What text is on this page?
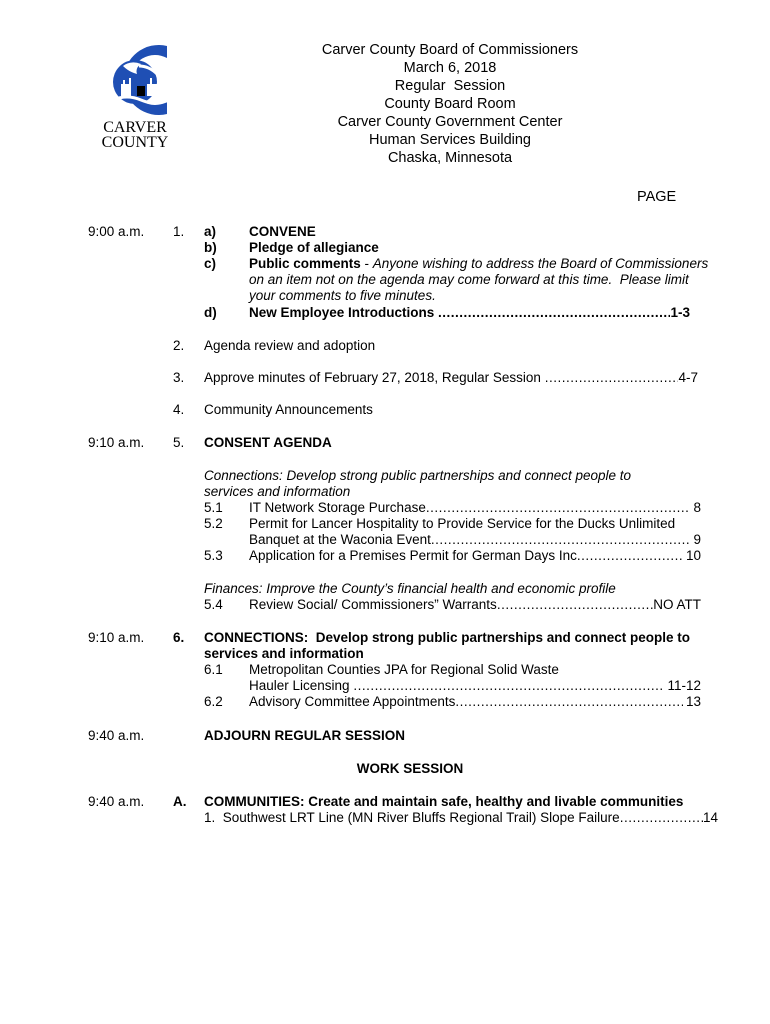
CARVER
COUNTY
Carver County Board of Commissioners
March 6, 2018
Regular  Session
County Board Room
Carver County Government Center
Human Services Building
Chaska, Minnesota
PAGE
9:00 a.m. 1. a) CONVENE
b) Pledge of allegiance
c) Public comments - Anyone wishing to address the Board of Commissioners
on an item not on the agenda may come forward at this time.  Please limit
your comments to five minutes.
d) New Employee Introductions .....	1-3
2. Agenda review and adoption
3. Approve minutes of February 27, 2018, Regular Session .....	4-7
4. Community Announcements
9:10 a.m. 5. CONSENT AGENDA
Connections: Develop strong public partnerships and connect people to
services and information
5.1 IT Network Storage Purchase .....	8
5.2 Permit for Lancer Hospitality to Provide Service for the Ducks Unlimited
Banquet at the Waconia Event .....	9
5.3 Application for a Premises Permit for German Days Inc .....	10
Finances: Improve the County’s financial health and economic profile
5.4 Review Social/ Commissioners” Warrants .....	NO ATT
9:10 a.m. 6. CONNECTIONS:  Develop strong public partnerships and connect people to
services and information
6.1 Metropolitan Counties JPA for Regional Solid Waste
Hauler Licensing .....	11-12
6.2 Advisory Committee Appointments .....	13
9:40 a.m.	ADJOURN REGULAR SESSION
WORK SESSION
9:40 a.m. A. COMMUNITIES: Create and maintain safe, healthy and livable communities
1.  Southwest LRT Line (MN River Bluffs Regional Trail) Slope Failure .....	14
